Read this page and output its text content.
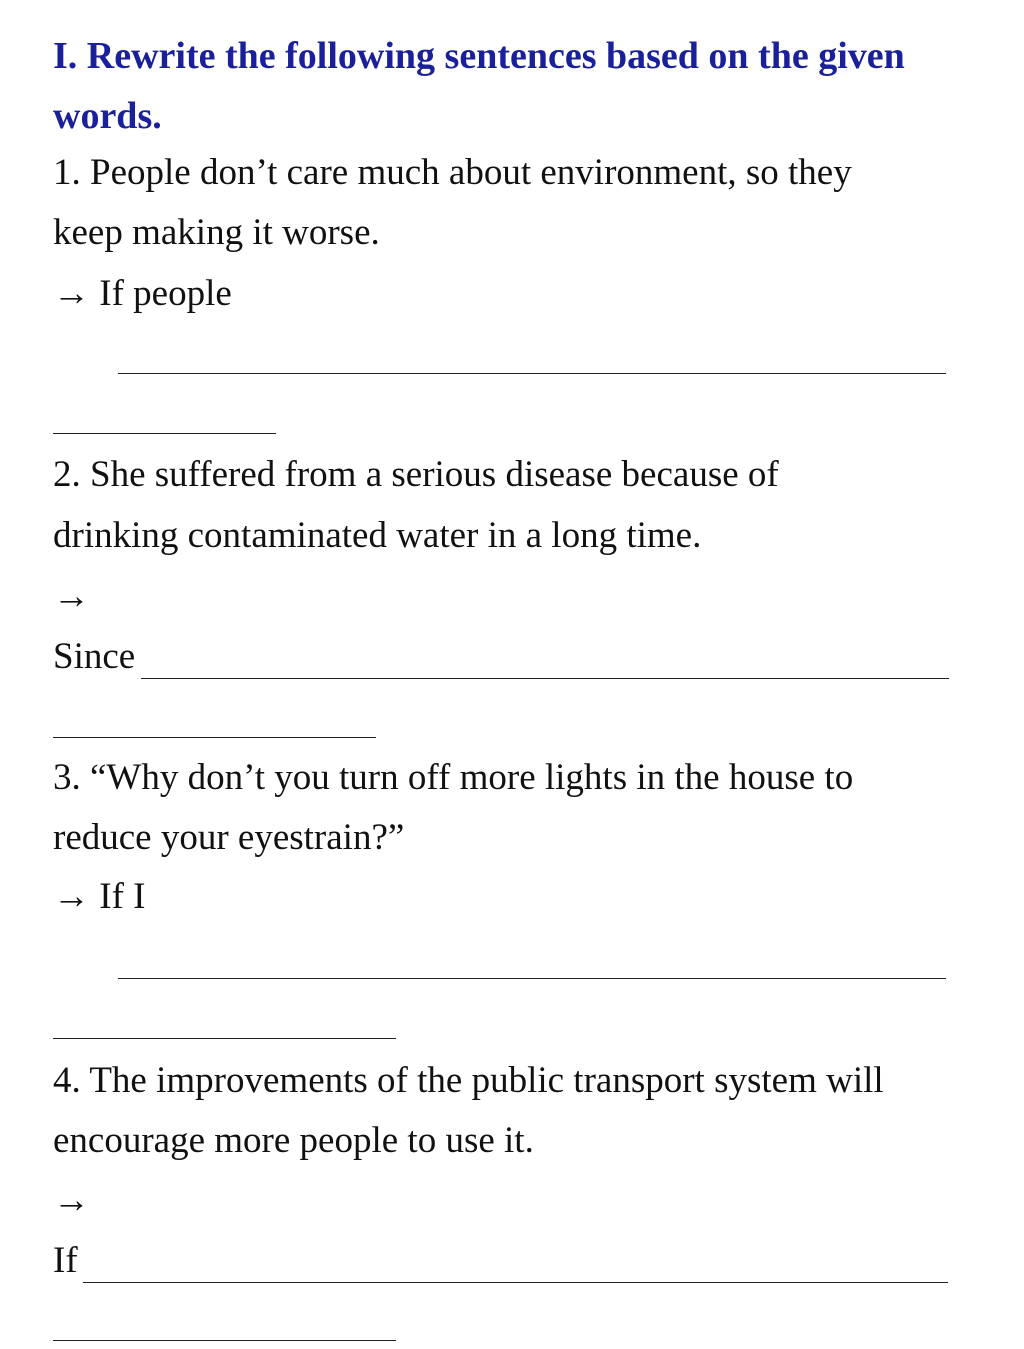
I. Rewrite the following sentences based on the given words.
1. People don’t care much about environment, so they
keep making it worse.
→ If people
2. She suffered from a serious disease because of
drinking contaminated water in a long time.
→
Since
3. “Why don’t you turn off more lights in the house to
reduce your eyestrain?”
→ If I
4. The improvements of the public transport system will
encourage more people to use it.
→
If
